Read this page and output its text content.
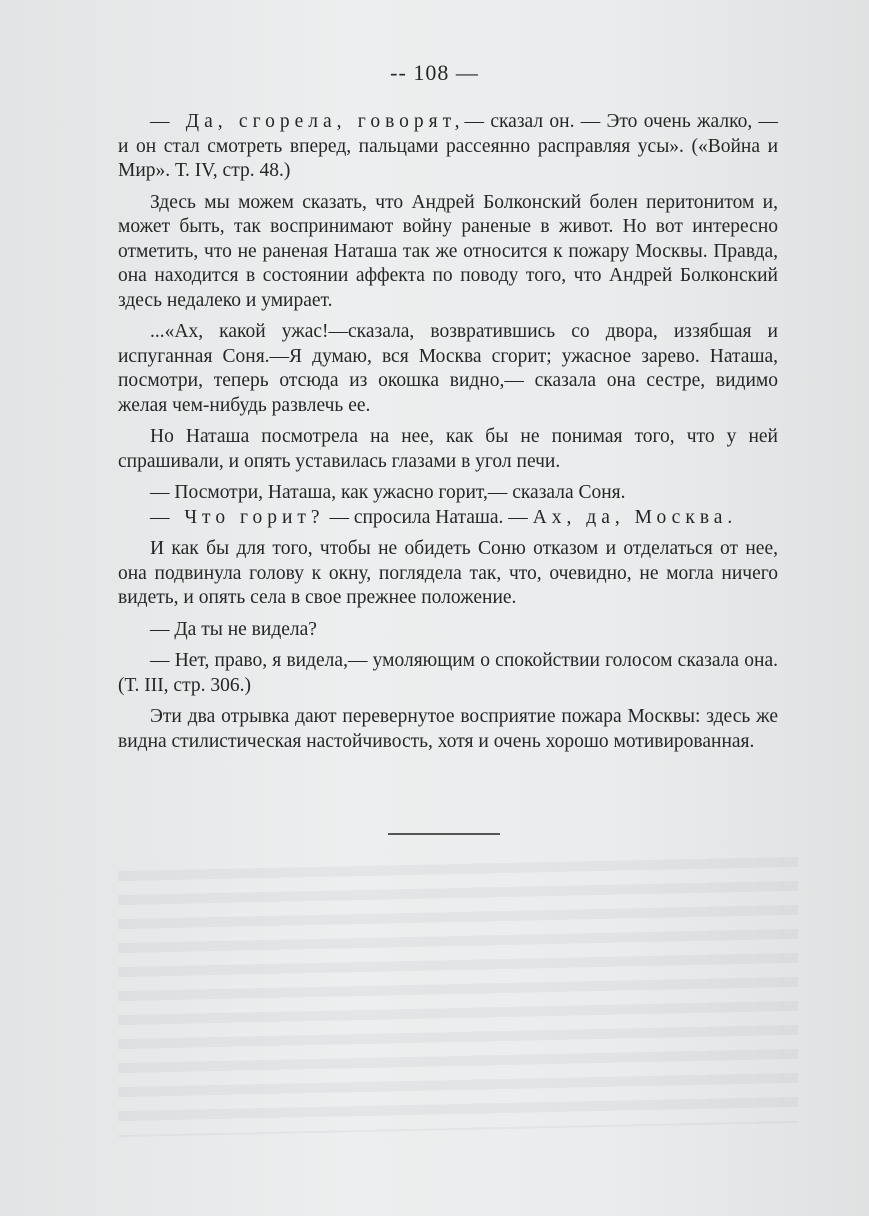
-- 108 —

— Да, сгорела, говорят,— сказал он. — Это очень жалко, — и он стал смотреть вперед, пальцами рассеянно расправляя усы». («Война и Мир». Т. IV, стр. 48.)

Здесь мы можем сказать, что Андрей Болконский болен перитонитом и, может быть, так воспринимают войну раненые в живот. Но вот интересно отметить, что не раненая Наташа так же относится к пожару Москвы. Правда, она находится в состоянии аффекта по поводу того, что Андрей Болконский здесь недалеко и умирает.

...«Ах, какой ужас!—сказала, возвратившись со двора, иззябшая и испуганная Соня.—Я думаю, вся Москва сгорит; ужасное зарево. Наташа, посмотри, теперь отсюда из окошка видно,— сказала она сестре, видимо желая чем-нибудь развлечь ее.

Но Наташа посмотрела на нее, как бы не понимая того, что у ней спрашивали, и опять уставилась глазами в угол печи.

— Посмотри, Наташа, как ужасно горит,— сказала Соня.

— Что горит? — спросила Наташа. — Ах, да, Москва.

И как бы для того, чтобы не обидеть Соню отказом и отделаться от нее, она подвинула голову к окну, поглядела так, что, очевидно, не могла ничего видеть, и опять села в свое прежнее положение.

— Да ты не видела?

— Нет, право, я видела,— умоляющим о спокойствии голосом сказала она. (Т. III, стр. 306.)

Эти два отрывка дают перевернутое восприятие пожара Москвы: здесь же видна стилистическая настойчивость, хотя и очень хорошо мотивированная.
